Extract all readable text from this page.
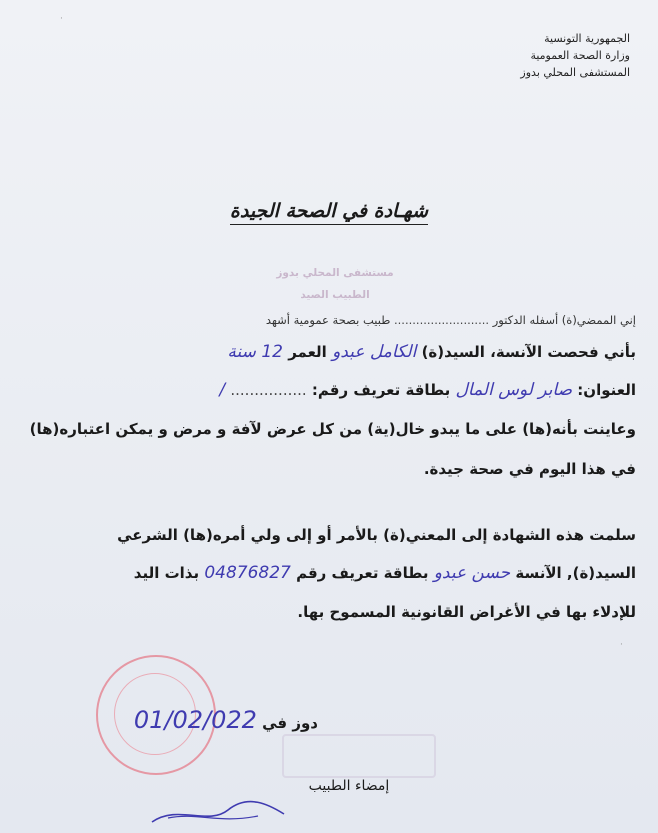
الجمهورية التونسية
وزارة الصحة العمومية
المستشفى المحلي بدوز
شهـادة في الصحة الجيدة
مستشفى المحلي بدوز
الطبيب الصيد
إني الممضي(ة) أسفله الدكتور .......................... طبيب بصحة عمومية أشهد
بأني فحصت الآنسة، السيد(ة) الكامل عبدو العمر 12 سنة
العنوان: صابر لوس المال بطاقة تعريف رقم: ................ /
وعاينت بأنه(ها) على ما يبدو خال(ية) من كل عرض لآفة و مرض و يمكن اعتباره(ها)
في هذا اليوم في صحة جيدة.
سلمت هذه الشهادة إلى المعني(ة) بالأمر أو إلى ولي أمره(ها) الشرعي
السيد(ة), الآنسة حسن عبدو بطاقة تعريف رقم 04876827 بذات اليد
للإدلاء بها في الأغراض القانونية المسموح بها.
دوز في 01/02/022
إمضاء الطبيب
·
·
